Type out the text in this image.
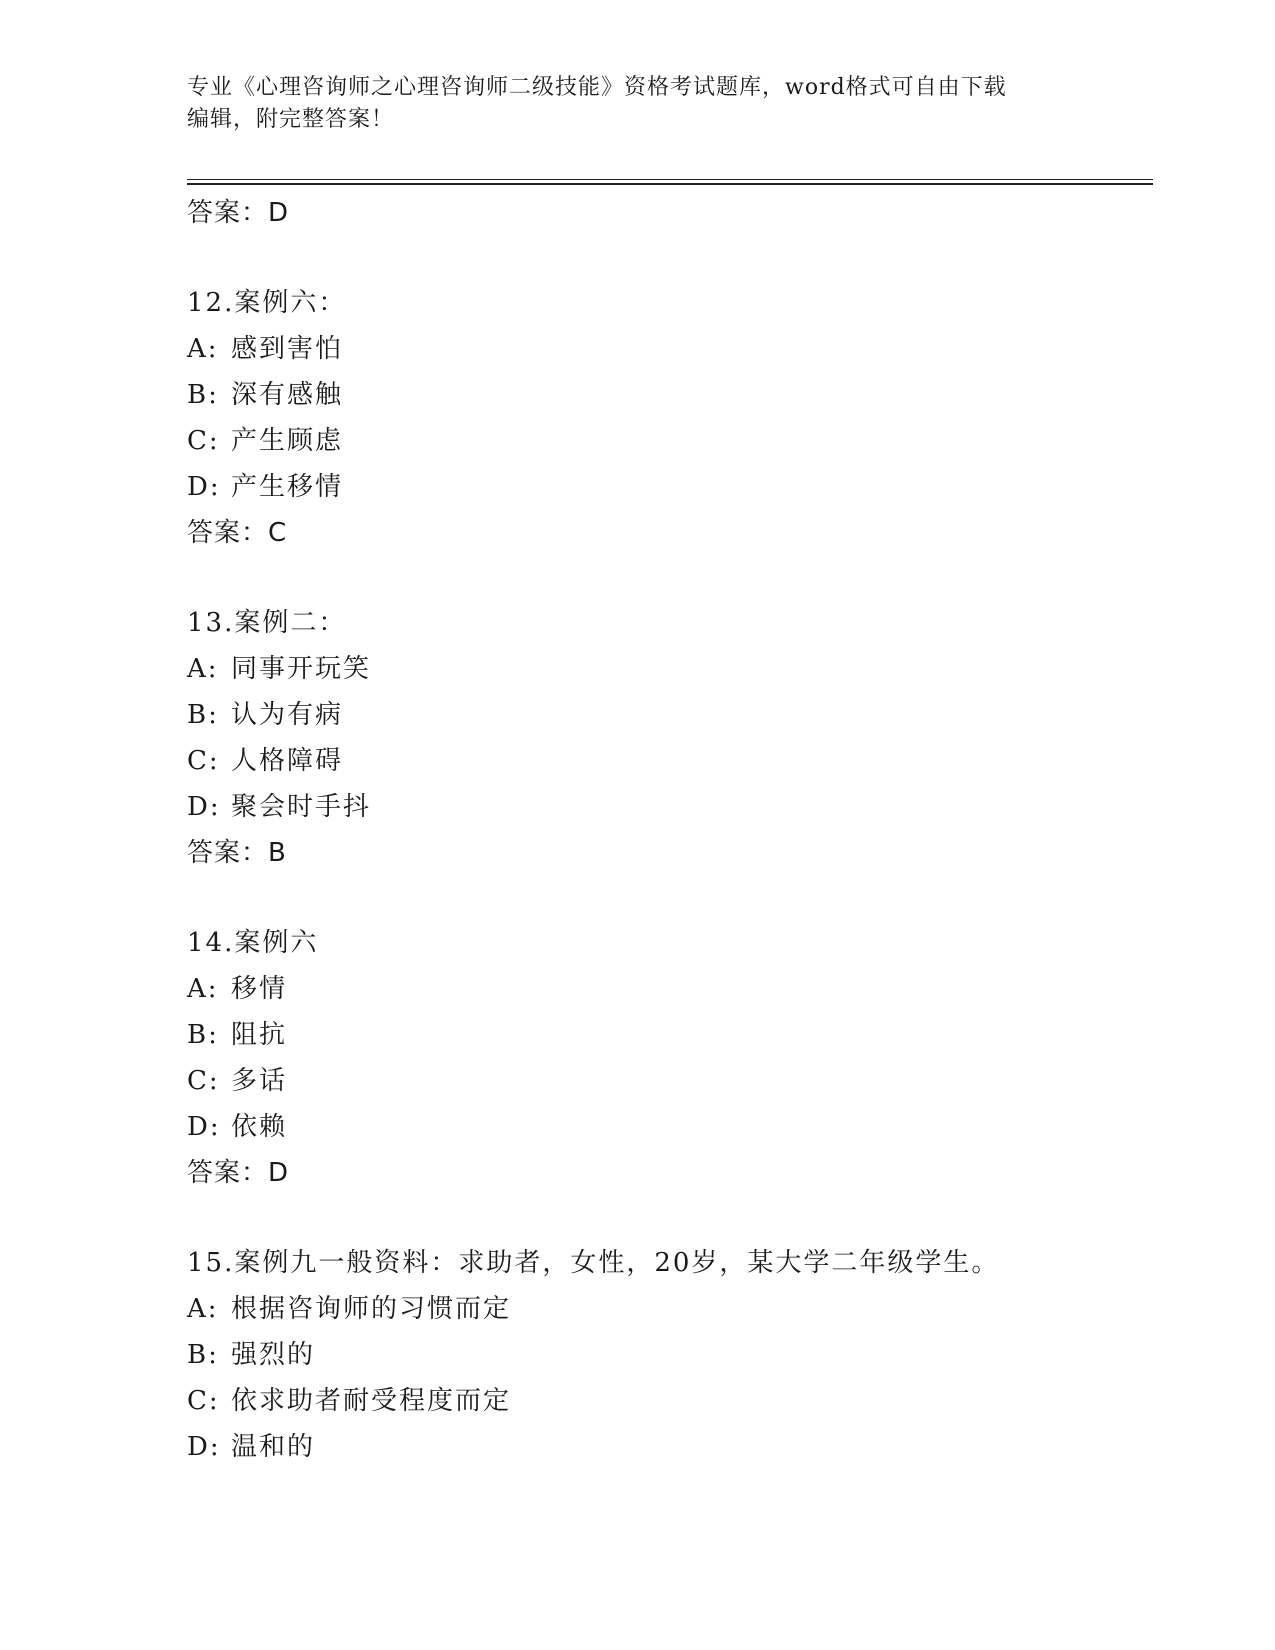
专业《心理咨询师之心理咨询师二级技能》资格考试题库，word格式可自由下载
编辑，附完整答案！
答案：D
12.案例六：
A: 感到害怕
B: 深有感触
C: 产生顾虑
D: 产生移情
答案：C
13.案例二：
A: 同事开玩笑
B: 认为有病
C: 人格障碍
D: 聚会时手抖
答案：B
14.案例六
A: 移情
B: 阻抗
C: 多话
D: 依赖
答案：D
15.案例九一般资料：求助者，女性，20岁，某大学二年级学生。
A: 根据咨询师的习惯而定
B: 强烈的
C: 依求助者耐受程度而定
D: 温和的
